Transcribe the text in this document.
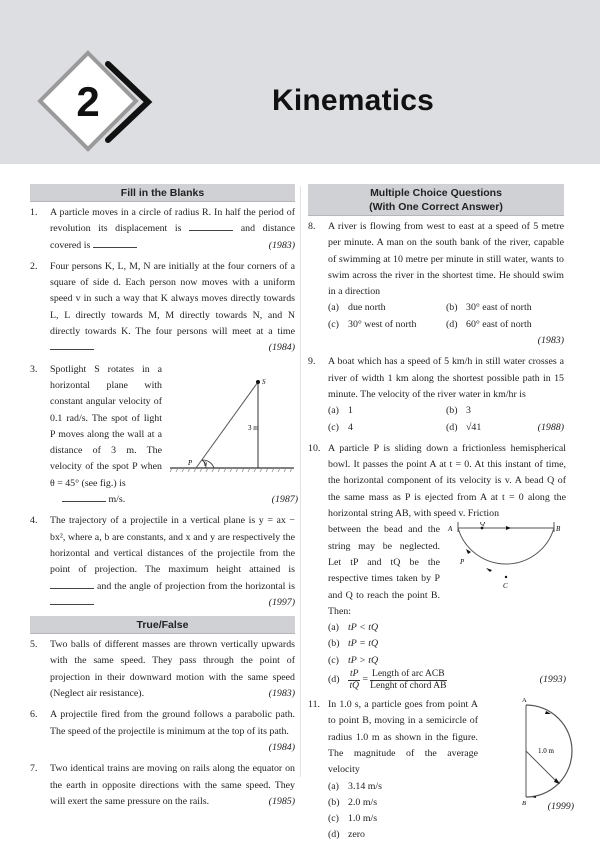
2	Kinematics
Fill in the Blanks
1.	A particle moves in a circle of radius R. In half the period of revolution its displacement is	and distance covered is	(1983)
2.	Four persons K, L, M, N are initially at the four corners of a square of side d. Each person now moves with a uniform speed v in such a way that K always moves directly towards L, L directly towards M, M directly towards N, and N directly towards K. The four persons will meet at a time
(1984)
3.	Spotlight S rotates in a horizontal plane with constant angular velocity of 0.1 rad/s. The spot of light P moves along the wall at a distance of 3 m. The velocity of the spot P when θ = 45° (see fig.) is
S
P θ
3 m
m/s.	(1987)
4.	The trajectory of a projectile in a vertical plane is y = ax − bx², where a, b are constants, and x and y are respectively the horizontal and vertical distances of the projectile from the point of projection. The maximum height attained is  and the angle of projection from the horizontal is
(1997)
True/False
5.	Two balls of different masses are thrown vertically upwards with the same speed. They pass through the point of projection in their downward motion with the same speed (Neglect air resistance).	(1983)
6.	A projectile fired from the ground follows a parabolic path. The speed of the projectile is minimum at the top of its path.
(1984)
7.	Two identical trains are moving on rails along the equator on the earth in opposite directions with the same speed. They will exert the same pressure on the rails.	(1985)
Multiple Choice Questions
(With One Correct Answer)
8.	A river is flowing from west to east at a speed of 5 metre per minute. A man on the south bank of the river, capable of swimming at 10 metre per minute in still water, wants to swim across the river in the shortest time. He should swim in a direction
(a) due north	(b) 30° east of north
(c) 30° west of north	(d) 60° east of north
(1983)
9.	A boat which has a speed of 5 km/h in still water crosses a river of width 1 km along the shortest possible path in 15 minute. The velocity of the river water in km/hr is
(a) 1	(b) 3
(c) 4	(d) √41	(1988)
10. A particle P is sliding down a frictionless hemispherical bowl. It passes the point A at t = 0. At this instant of time, the horizontal component of its velocity is v. A bead Q of the same mass as P is ejected from A at t = 0 along the horizontal string AB, with speed v. Friction
between the bead and the string may be neglected. Let tP and tQ be the respective times taken by P and Q to reach the point B. Then:
A	B
Q
P
C
(a) tP < tQ
(b) tP = tQ
(c) tP > tQ
$(d) \frac{tP}{tQ} = \frac{\text{Length of arc ACB}}{\text{Lenght of chord AB}}$	(1993)
11. In 1.0 s, a particle goes from point A to point B, moving in a semicircle of radius 1.0 m as shown in the figure. The magnitude of the average velocity
(a) 3.14 m/s
(b) 2.0 m/s
(c) 1.0 m/s
(d) zero
A
B
1.0 m
(1999)
